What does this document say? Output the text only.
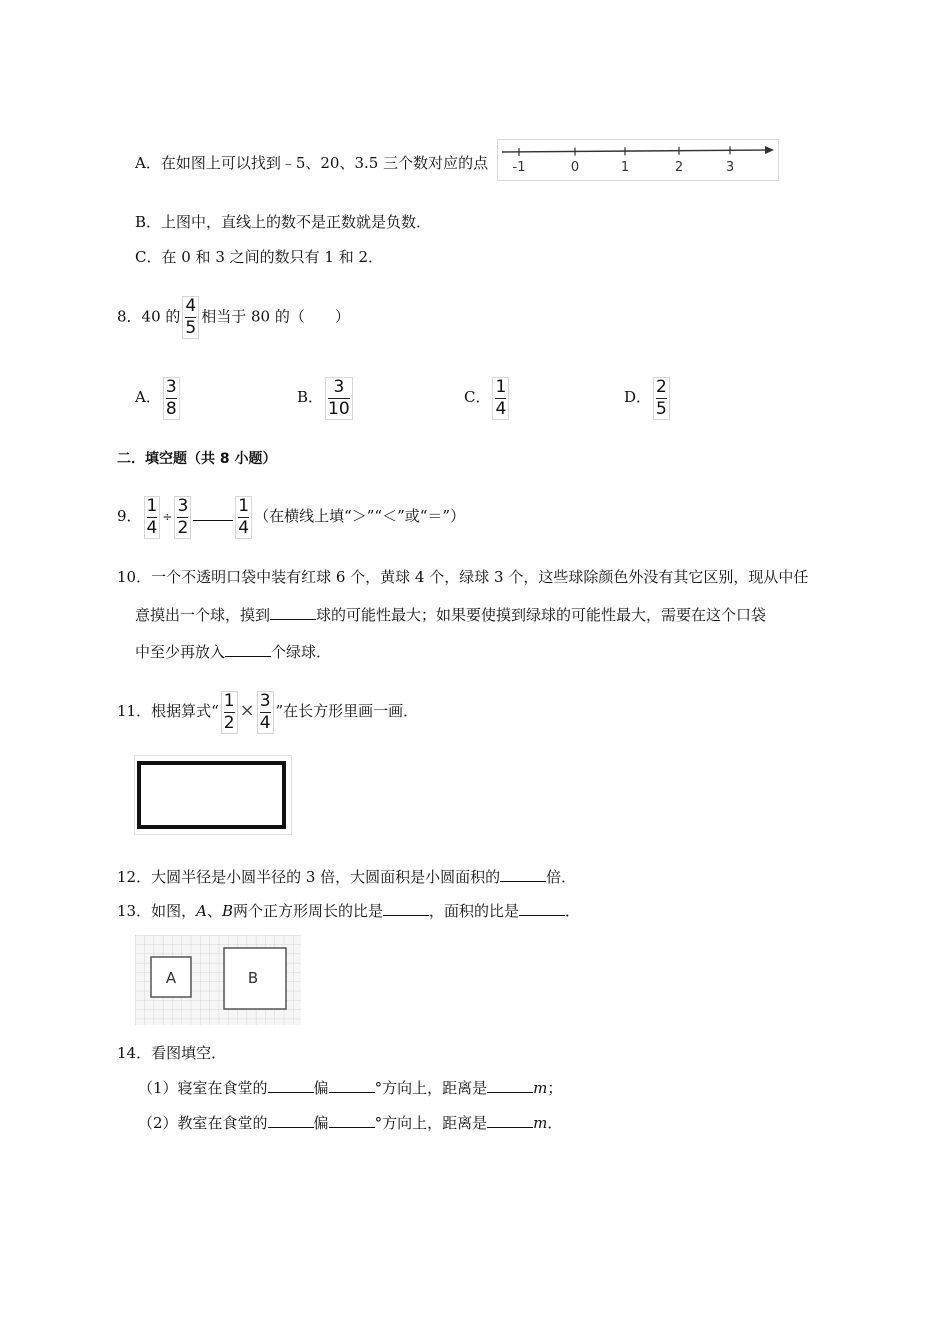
A．在如图上可以找到﹣5、20、3.5 三个数对应的点 -1	0	1	2	3
B．上图中，直线上的数不是正数就是负数．
C．在 0 和 3 之间的数只有 1 和 2．
8．40 的 $\frac{4}{5}$ 相当于 80 的（　　）
A． $\frac{3}{8}$	B． $\frac{3}{10}$	C． $\frac{1}{4}$	D． $\frac{2}{5}$
二．填空题（共 8 小题）
9． $\frac{1}{4} \div \frac{3}{2}$	$\frac{1}{4}$ （在横线上填“＞”“＜”或“＝”）
10．一个不透明口袋中装有红球 6 个，黄球 4 个，绿球 3 个，这些球除颜色外没有其它区别，现从中任
意摸出一个球，摸到	球的可能性最大；如果要使摸到绿球的可能性最大，需要在这个口袋
中至少再放入	个绿球．
11．根据算式“ $\frac{1}{2} \times \frac{3}{4}$ ”在长方形里画一画．
12．大圆半径是小圆半径的 3 倍，大圆面积是小圆面积的	倍．
13．如图，A、B两个正方形周长的比是	，面积的比是	．
A	B
14．看图填空．
（1）寝室在食堂的	偏	°方向上，距离是	m；
（2）教室在食堂的	偏	°方向上，距离是	m．
